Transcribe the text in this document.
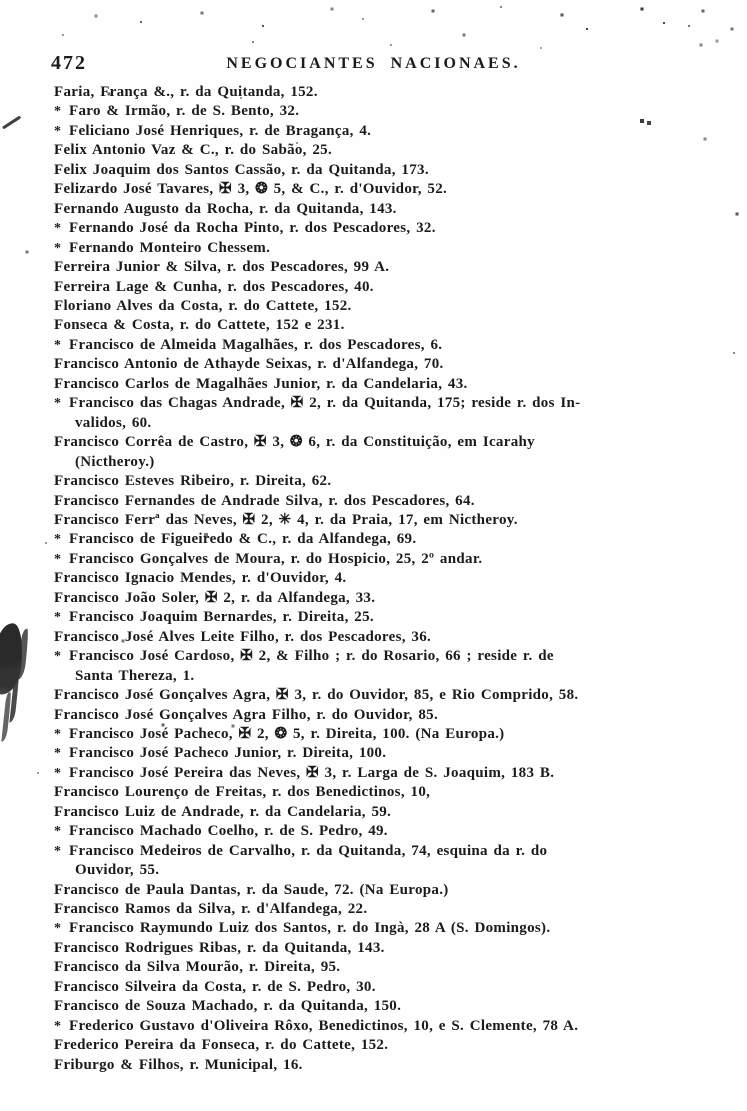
472	NEGOCIANTES NACIONAES.
Faria, França &., r. da Quitanda, 152.
* Faro & Irmão, r. de S. Bento, 32.
* Feliciano José Henriques, r. de Bragança, 4.
Felix Antonio Vaz & C., r. do Sabão, 25.
Felix Joaquim dos Santos Cassão, r. da Quitanda, 173.
Felizardo José Tavares, ✠ 3, ❂ 5, & C., r. d'Ouvidor, 52.
Fernando Augusto da Rocha, r. da Quitanda, 143.
* Fernando José da Rocha Pinto, r. dos Pescadores, 32.
* Fernando Monteiro Chessem.
Ferreira Junior & Silva, r. dos Pescadores, 99 A.
Ferreira Lage & Cunha, r. dos Pescadores, 40.
Floriano Alves da Costa, r. do Cattete, 152.
Fonseca & Costa, r. do Cattete, 152 e 231.
* Francisco de Almeida Magalhães, r. dos Pescadores, 6.
Francisco Antonio de Athayde Seixas, r. d'Alfandega, 70.
Francisco Carlos de Magalhães Junior, r. da Candelaria, 43.
* Francisco das Chagas Andrade, ✠ 2, r. da Quitanda, 175; reside r. dos In-
validos, 60.
Francisco Corrêa de Castro, ✠ 3, ❂ 6, r. da Constituição, em Icarahy
(Nictheroy.)
Francisco Esteves Ribeiro, r. Direita, 62.
Francisco Fernandes de Andrade Silva, r. dos Pescadores, 64.
Francisco Ferrª das Neves, ✠ 2, ✳ 4, r. da Praia, 17, em Nictheroy.
* Francisco de Figueiredo & C., r. da Alfandega, 69.
* Francisco Gonçalves de Moura, r. do Hospicio, 25, 2º andar.
Francisco Ignacio Mendes, r. d'Ouvidor, 4.
Francisco João Soler, ✠ 2, r. da Alfandega, 33.
* Francisco Joaquim Bernardes, r. Direita, 25.
Francisco José Alves Leite Filho, r. dos Pescadores, 36.
* Francisco José Cardoso, ✠ 2, & Filho ; r. do Rosario, 66 ; reside r. de
Santa Thereza, 1.
Francisco José Gonçalves Agra, ✠ 3, r. do Ouvidor, 85, e Rio Comprido, 58.
Francisco José Gonçalves Agra Filho, r. do Ouvidor, 85.
* Francisco José Pacheco, ✠ 2, ❂ 5, r. Direita, 100. (Na Europa.)
* Francisco José Pacheco Junior, r. Direita, 100.
* Francisco José Pereira das Neves, ✠ 3, r. Larga de S. Joaquim, 183 B.
Francisco Lourenço de Freitas, r. dos Benedictinos, 10,
Francisco Luiz de Andrade, r. da Candelaria, 59.
* Francisco Machado Coelho, r. de S. Pedro, 49.
* Francisco Medeiros de Carvalho, r. da Quitanda, 74, esquina da r. do
Ouvidor, 55.
Francisco de Paula Dantas, r. da Saude, 72. (Na Europa.)
Francisco Ramos da Silva, r. d'Alfandega, 22.
* Francisco Raymundo Luiz dos Santos, r. do Ingà, 28 A (S. Domingos).
Francisco Rodrigues Ribas, r. da Quitanda, 143.
Francisco da Silva Mourão, r. Direita, 95.
Francisco Silveira da Costa, r. de S. Pedro, 30.
Francisco de Souza Machado, r. da Quitanda, 150.
* Frederico Gustavo d'Oliveira Rôxo, Benedictinos, 10, e S. Clemente, 78 A.
Frederico Pereira da Fonseca, r. do Cattete, 152.
Friburgo & Filhos, r. Municipal, 16.
